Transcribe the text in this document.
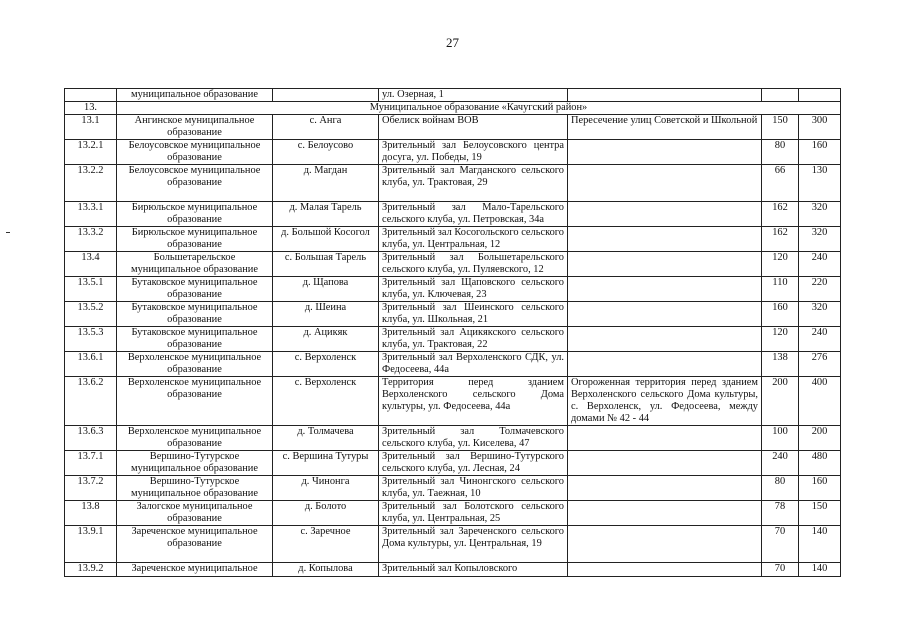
27
	муниципальное образование		ул. Озерная, 1			
13.	Муниципальное образование «Качугский район»					
13.1	Ангинское муниципальное образование	с. Анга	Обелиск войнам ВОВ	Пересечение улиц Советской и Школьной	150	300
13.2.1	Белоусовское муниципальное образование	с. Белоусово	Зрительный зал Белоусовского центра досуга, ул. Победы, 19		80	160
13.2.2	Белоусовское муниципальное образование	д. Магдан	Зрительный зал Магданского сельского клуба, ул. Трактовая, 29		66	130
13.3.1	Бирюльское муниципальное образование	д. Малая Тарель	Зрительный зал Мало-Тарельского сельского клуба, ул. Петровская, 34а		162	320
13.3.2	Бирюльское муниципальное образование	д. Большой Косогол	Зрительный зал Косогольского сельского клуба, ул. Центральная, 12		162	320
13.4	Большетарельское муниципальное образование	с. Большая Тарель	Зрительный зал Большетарельского сельского клуба, ул. Пуляевского, 12		120	240
13.5.1	Бутаковское муниципальное образование	д. Щапова	Зрительный зал Щаповского сельского клуба, ул. Ключевая, 23		110	220
13.5.2	Бутаковское муниципальное образование	д. Шеина	Зрительный зал Шеинского сельского клуба, ул. Школьная, 21		160	320
13.5.3	Бутаковское муниципальное образование	д. Ацикяк	Зрительный зал Ацикякского сельского клуба, ул. Трактовая, 22		120	240
13.6.1	Верхоленское муниципальное образование	с. Верхоленск	Зрительный зал Верхоленского СДК, ул. Федосеева, 44а		138	276
13.6.2	Верхоленское муниципальное образование	с. Верхоленск	Территория перед зданием Верхоленского сельского Дома культуры, ул. Федосеева, 44а	Огороженная территория перед зданием Верхоленского сельского Дома культуры, с. Верхоленск, ул. Федосеева, между домами № 42 - 44	200	400
13.6.3	Верхоленское муниципальное образование	д. Толмачева	Зрительный зал Толмачевского сельского клуба, ул. Киселева, 47		100	200
13.7.1	Вершино-Тутурское муниципальное образование	с. Вершина Тутуры	Зрительный зал Вершино-Тутурского сельского клуба, ул. Лесная, 24		240	480
13.7.2	Вершино-Тутурское муниципальное образование	д. Чинонга	Зрительный зал Чинонгского сельского клуба, ул. Таежная, 10		80	160
13.8	Залогское муниципальное образование	д. Болото	Зрительный зал Болотского сельского клуба, ул. Центральная, 25		78	150
13.9.1	Зареченское муниципальное образование	с. Заречное	Зрительный зал Зареченского сельского Дома культуры, ул. Центральная, 19		70	140
13.9.2	Зареченское муниципальное	д. Копылова	Зрительный зал Копыловского		70	140
